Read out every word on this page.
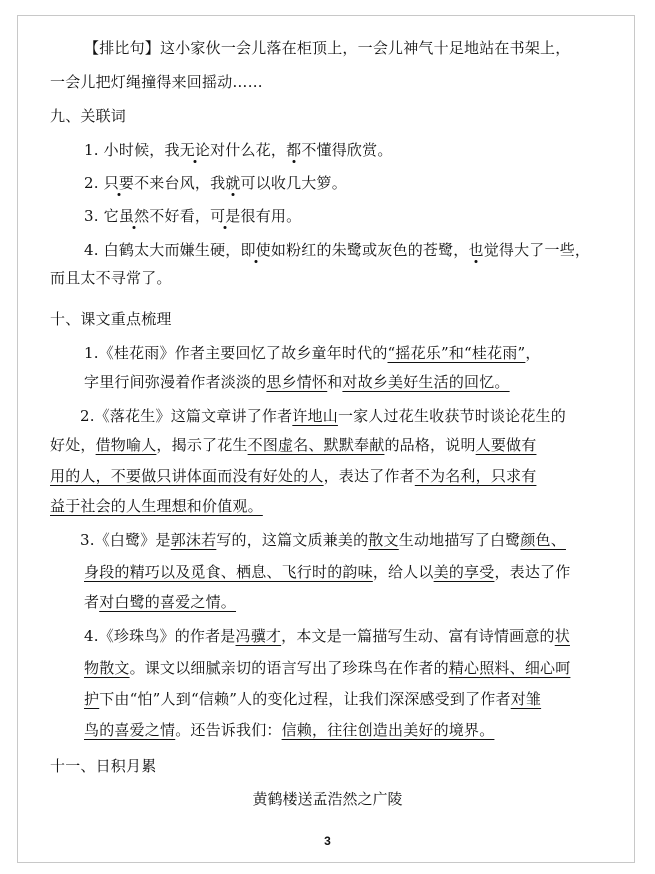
【排比句】这小家伙一会儿落在柜顶上，一会儿神气十足地站在书架上，
一会儿把灯绳撞得来回摇动……
九、关联词
1. 小时候，我无论对什么花，都不懂得欣赏。
2. 只要不来台风，我就可以收几大箩。
3. 它虽然不好看，可是很有用。
4. 白鹤太大而嫌生硬，即使如粉红的朱鹭或灰色的苍鹭，也觉得大了一些，
而且太不寻常了。
十、课文重点梳理
1.《桂花雨》作者主要回忆了故乡童年时代的“摇花乐”和“桂花雨”，
字里行间弥漫着作者淡淡的思乡情怀和对故乡美好生活的回忆。
2.《落花生》这篇文章讲了作者许地山一家人过花生收获节时谈论花生的
好处，借物喻人，揭示了花生不图虚名、默默奉献的品格，说明人要做有
用的人，不要做只讲体面而没有好处的人，表达了作者不为名利，只求有
益于社会的人生理想和价值观。
3.《白鹭》是郭沫若写的，这篇文质兼美的散文生动地描写了白鹭颜色、
身段的精巧以及觅食、栖息、飞行时的韵味，给人以美的享受，表达了作
者对白鹭的喜爱之情。
4.《珍珠鸟》的作者是冯骥才，本文是一篇描写生动、富有诗情画意的状
物散文。课文以细腻亲切的语言写出了珍珠鸟在作者的精心照料、细心呵
护下由“怕”人到“信赖”人的变化过程，让我们深深感受到了作者对雏
鸟的喜爱之情。还告诉我们：信赖，往往创造出美好的境界。
十一、日积月累
黄鹤楼送孟浩然之广陵
3
